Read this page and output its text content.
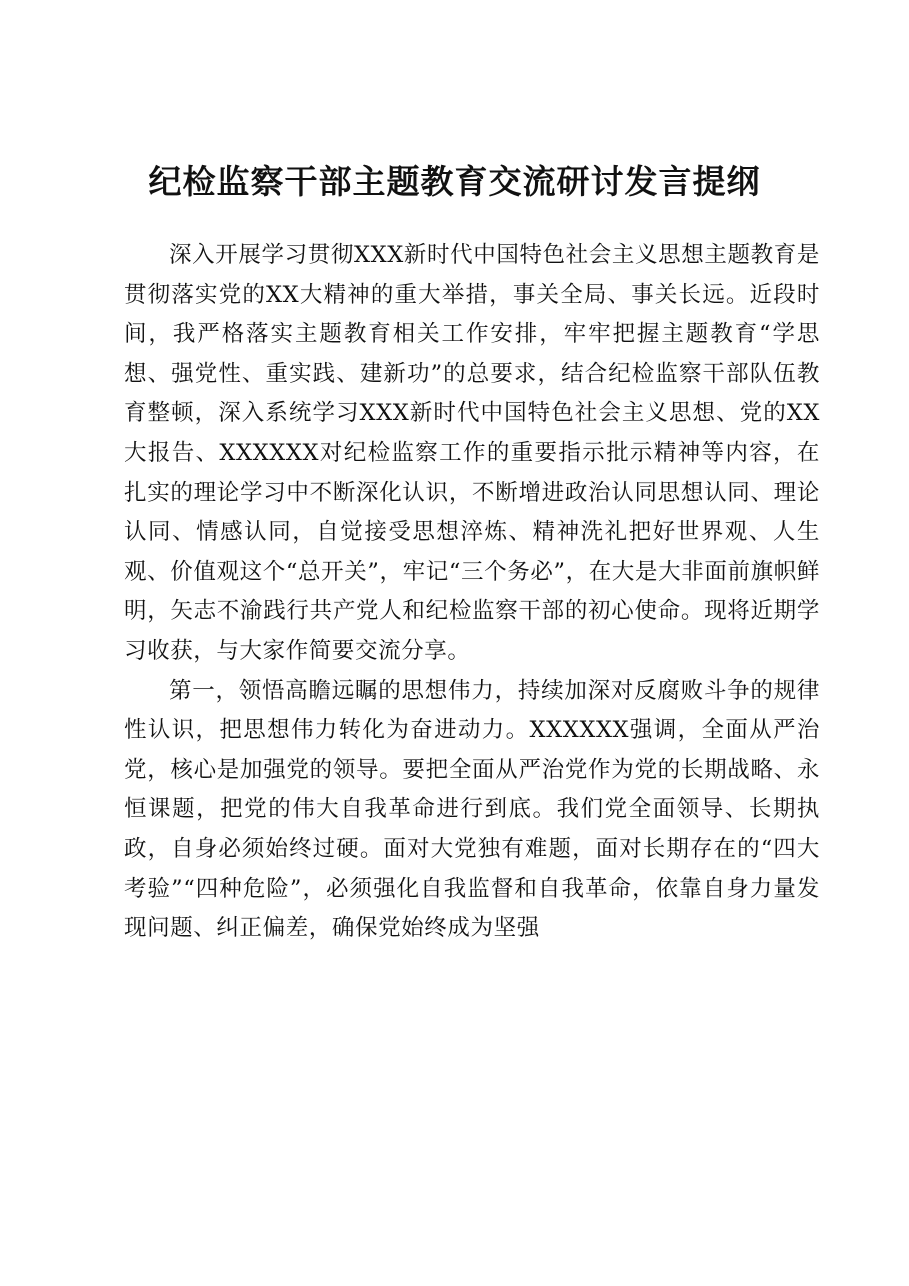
纪检监察干部主题教育交流研讨发言提纲

深入开展学习贯彻XXX新时代中国特色社会主义思想主题教育是贯彻落实党的XX大精神的重大举措，事关全局、事关长远。近段时间，我严格落实主题教育相关工作安排，牢牢把握主题教育“学思想、强党性、重实践、建新功”的总要求，结合纪检监察干部队伍教育整顿，深入系统学习XXX新时代中国特色社会主义思想、党的XX大报告、XXXXXX对纪检监察工作的重要指示批示精神等内容，在扎实的理论学习中不断深化认识，不断增进政治认同思想认同、理论认同、情感认同，自觉接受思想淬炼、精神洗礼把好世界观、人生观、价值观这个“总开关”，牢记“三个务必”，在大是大非面前旗帜鲜明，矢志不渝践行共产党人和纪检监察干部的初心使命。现将近期学习收获，与大家作简要交流分享。

第一，领悟高瞻远瞩的思想伟力，持续加深对反腐败斗争的规律性认识，把思想伟力转化为奋进动力。XXXXXX强调，全面从严治党，核心是加强党的领导。要把全面从严治党作为党的长期战略、永恒课题，把党的伟大自我革命进行到底。我们党全面领导、长期执政，自身必须始终过硬。面对大党独有难题，面对长期存在的“四大考验”“四种危险”，必须强化自我监督和自我革命，依靠自身力量发现问题、纠正偏差，确保党始终成为坚强
